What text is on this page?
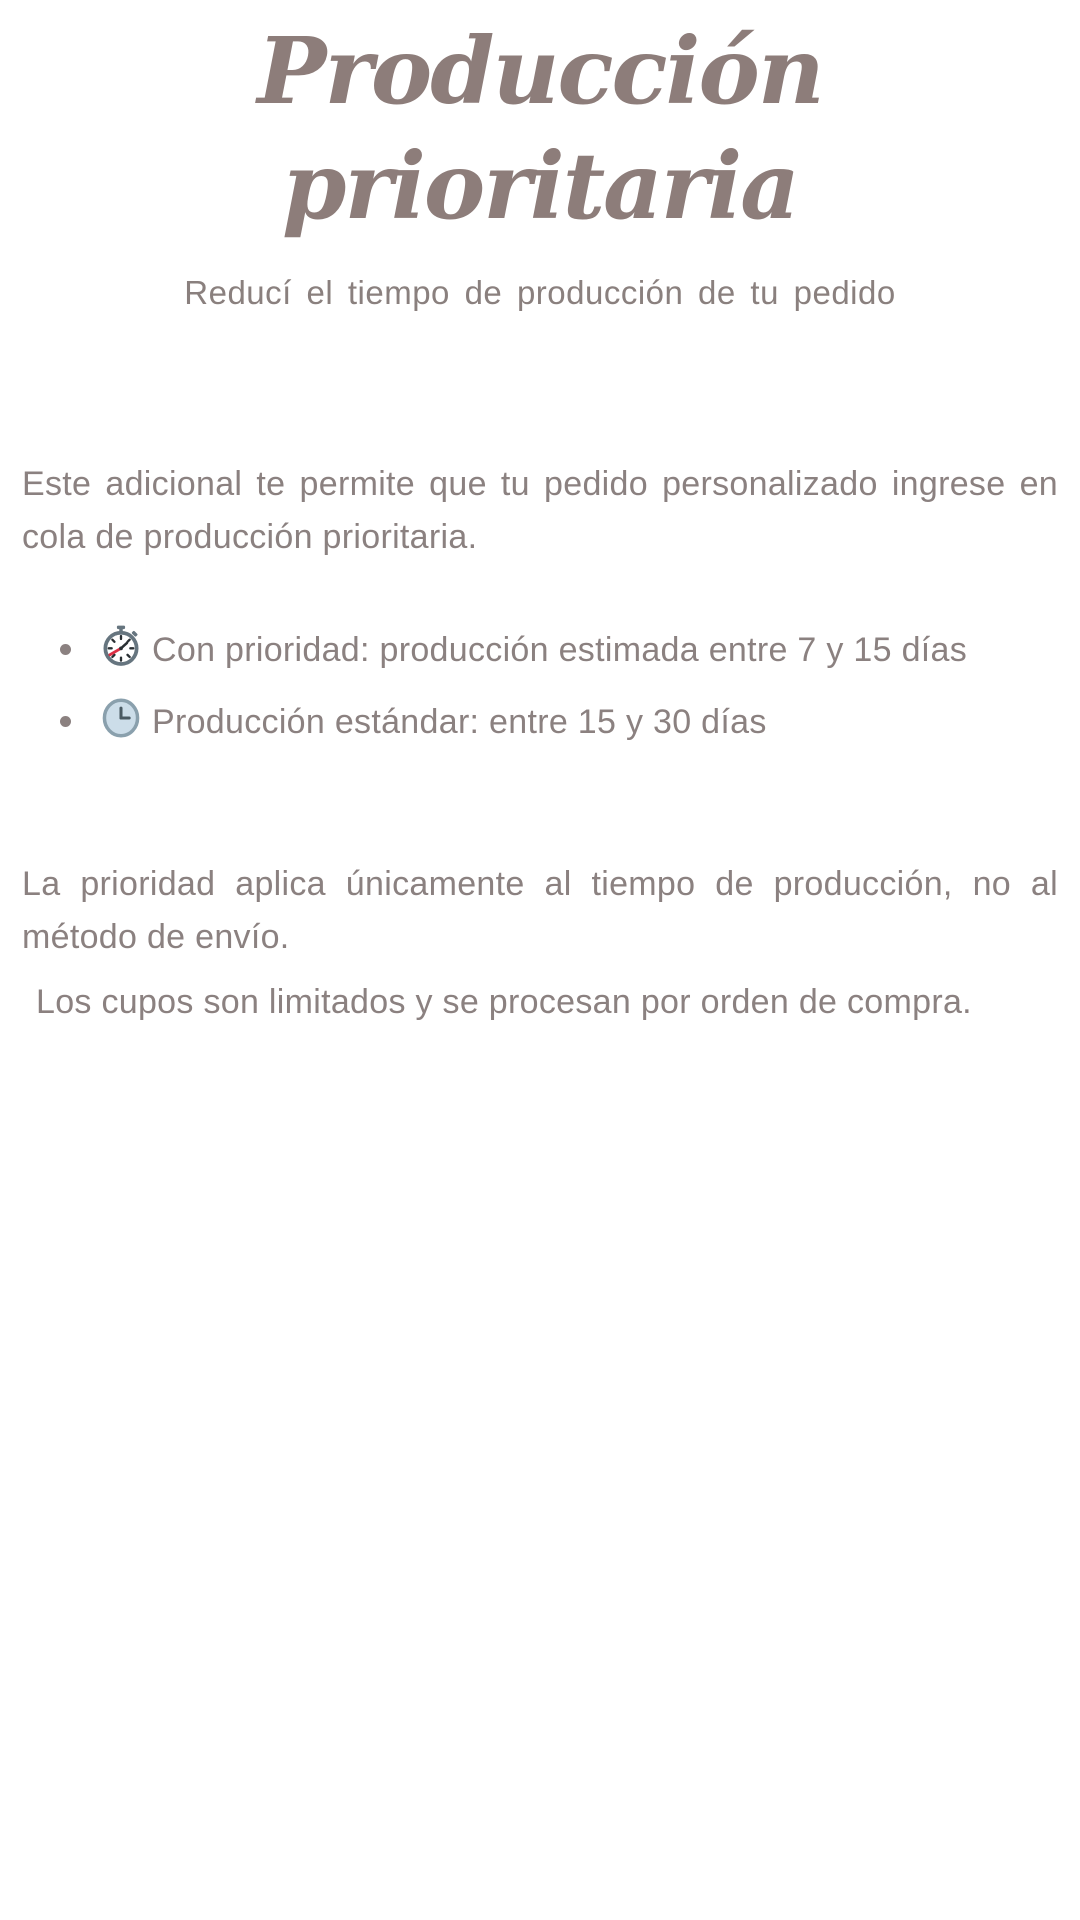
Producción prioritaria
Reducí el tiempo de producción de tu pedido

Este adicional te permite que tu pedido personalizado ingrese en cola de producción prioritaria.

Con prioridad: producción estimada entre 7 y 15 días
Producción estándar: entre 15 y 30 días

La prioridad aplica únicamente al tiempo de producción, no al método de envío.

Los cupos son limitados y se procesan por orden de compra.
